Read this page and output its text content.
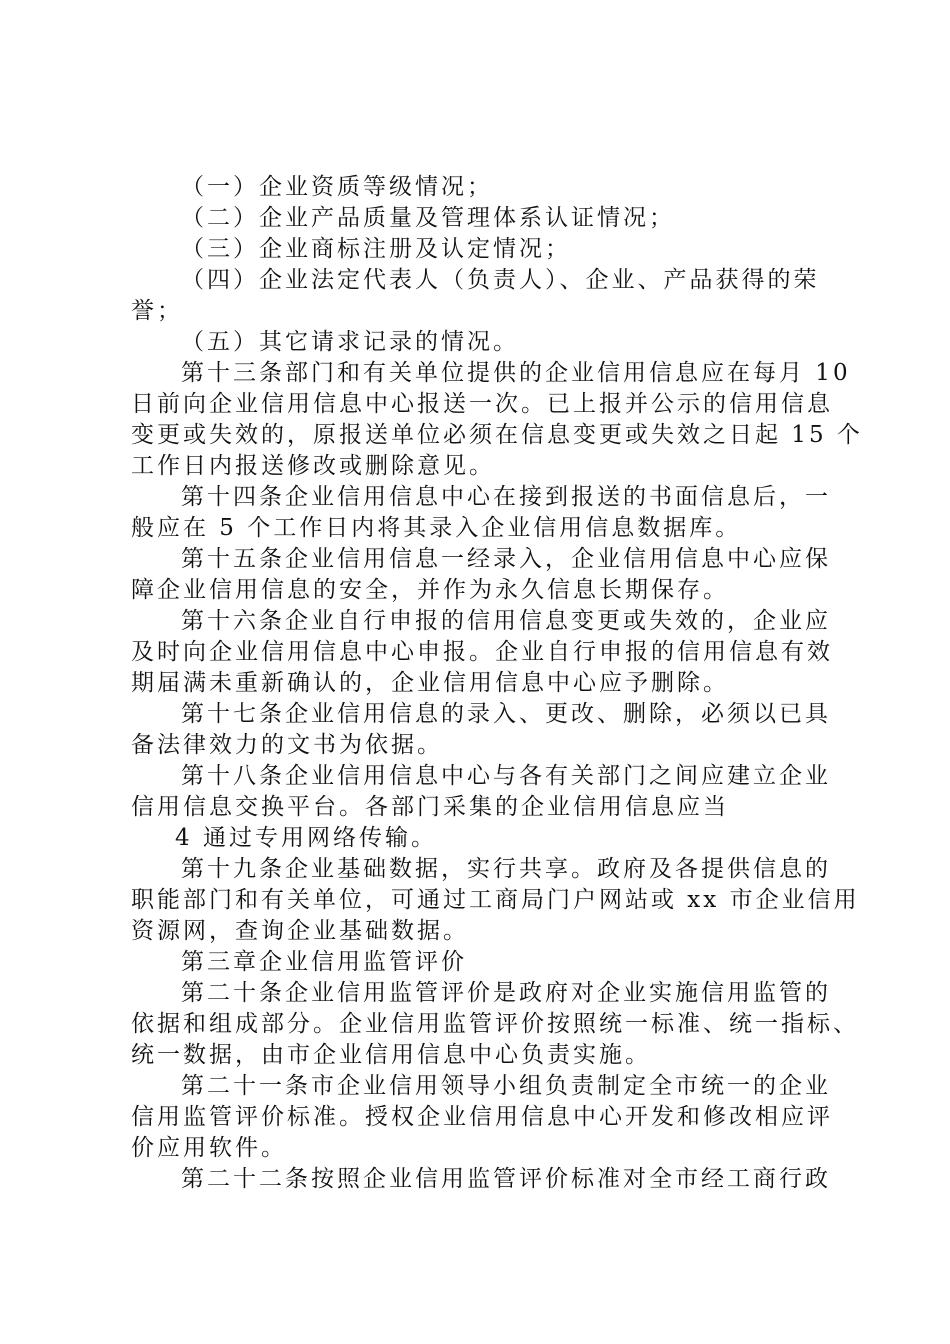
（一）企业资质等级情况；
（二）企业产品质量及管理体系认证情况；
（三）企业商标注册及认定情况；
（四）企业法定代表人（负责人）、企业、产品获得的荣
誉；
（五）其它请求记录的情况。
第十三条部门和有关单位提供的企业信用信息应在每月 10
日前向企业信用信息中心报送一次。已上报并公示的信用信息
变更或失效的，原报送单位必须在信息变更或失效之日起 15 个
工作日内报送修改或删除意见。
第十四条企业信用信息中心在接到报送的书面信息后，一
般应在 5 个工作日内将其录入企业信用信息数据库。
第十五条企业信用信息一经录入，企业信用信息中心应保
障企业信用信息的安全，并作为永久信息长期保存。
第十六条企业自行申报的信用信息变更或失效的，企业应
及时向企业信用信息中心申报。企业自行申报的信用信息有效
期届满未重新确认的，企业信用信息中心应予删除。
第十七条企业信用信息的录入、更改、删除，必须以已具
备法律效力的文书为依据。
第十八条企业信用信息中心与各有关部门之间应建立企业
信用信息交换平台。各部门采集的企业信用信息应当
4 通过专用网络传输。
第十九条企业基础数据，实行共享。政府及各提供信息的
职能部门和有关单位，可通过工商局门户网站或 xx 市企业信用
资源网，查询企业基础数据。
第三章企业信用监管评价
第二十条企业信用监管评价是政府对企业实施信用监管的
依据和组成部分。企业信用监管评价按照统一标准、统一指标、
统一数据，由市企业信用信息中心负责实施。
第二十一条市企业信用领导小组负责制定全市统一的企业
信用监管评价标准。授权企业信用信息中心开发和修改相应评
价应用软件。
第二十二条按照企业信用监管评价标准对全市经工商行政
